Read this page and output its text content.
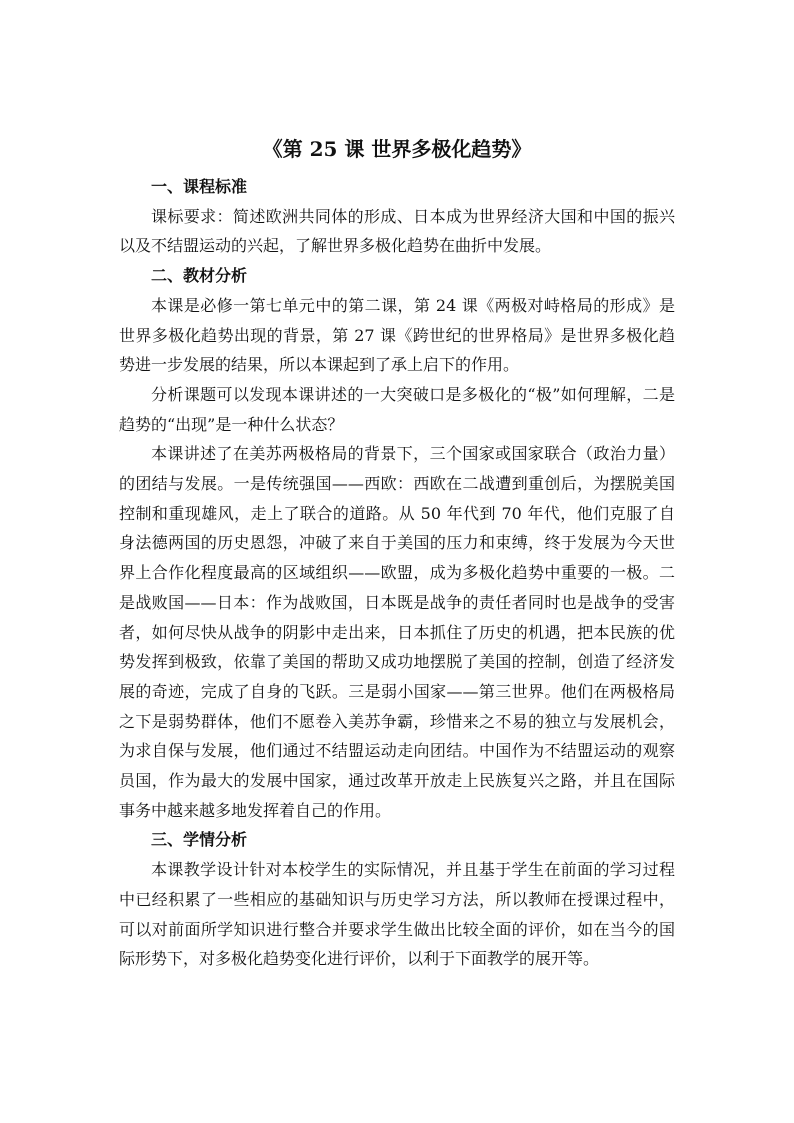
《第 25 课 世界多极化趋势》
一、课程标准

课标要求：简述欧洲共同体的形成、日本成为世界经济大国和中国的振兴以及不结盟运动的兴起，了解世界多极化趋势在曲折中发展。

二、教材分析

本课是必修一第七单元中的第二课，第 24 课《两极对峙格局的形成》是世界多极化趋势出现的背景，第 27 课《跨世纪的世界格局》是世界多极化趋势进一步发展的结果，所以本课起到了承上启下的作用。

分析课题可以发现本课讲述的一大突破口是多极化的“极”如何理解，二是趋势的“出现”是一种什么状态？

本课讲述了在美苏两极格局的背景下，三个国家或国家联合（政治力量）的团结与发展。一是传统强国——西欧：西欧在二战遭到重创后，为摆脱美国控制和重现雄风，走上了联合的道路。从 50 年代到 70 年代，他们克服了自身法德两国的历史恩怨，冲破了来自于美国的压力和束缚，终于发展为今天世界上合作化程度最高的区域组织——欧盟，成为多极化趋势中重要的一极。二是战败国——日本：作为战败国，日本既是战争的责任者同时也是战争的受害者，如何尽快从战争的阴影中走出来，日本抓住了历史的机遇，把本民族的优势发挥到极致，依靠了美国的帮助又成功地摆脱了美国的控制，创造了经济发展的奇迹，完成了自身的飞跃。三是弱小国家——第三世界。他们在两极格局之下是弱势群体，他们不愿卷入美苏争霸，珍惜来之不易的独立与发展机会，为求自保与发展，他们通过不结盟运动走向团结。中国作为不结盟运动的观察员国，作为最大的发展中国家，通过改革开放走上民族复兴之路，并且在国际事务中越来越多地发挥着自己的作用。

三、学情分析

本课教学设计针对本校学生的实际情况，并且基于学生在前面的学习过程中已经积累了一些相应的基础知识与历史学习方法，所以教师在授课过程中，可以对前面所学知识进行整合并要求学生做出比较全面的评价，如在当今的国际形势下，对多极化趋势变化进行评价，以利于下面教学的展开等。
